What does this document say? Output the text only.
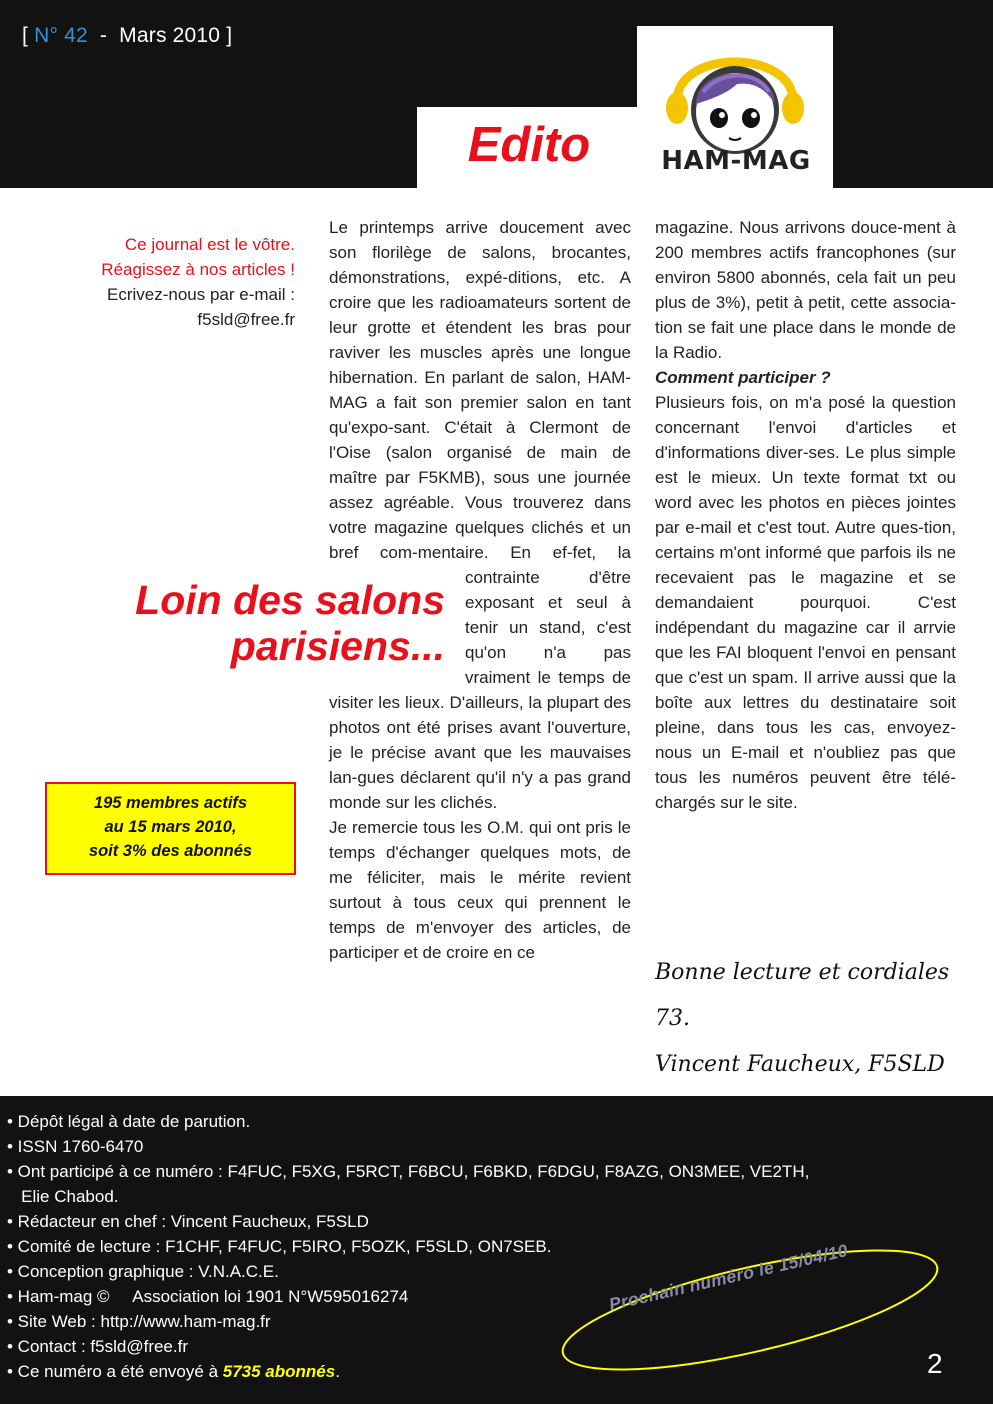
[ N° 42  -  Mars 2010 ]
Edito	HAM-MAG
Ce journal est le vôtre.
Réagissez à nos articles !
Ecrivez-nous par e-mail :
f5sld@free.fr
Loin des salons
parisiens...
195 membres actifs
au 15 mars 2010,
soit 3% des abonnés

Le printemps arrive doucement avec son florilège de salons, brocantes, démonstrations, expé-ditions, etc. A croire que les radioamateurs sortent de leur grotte et étendent les bras pour raviver les muscles après une longue hibernation. En parlant de salon, HAM-MAG a fait son premier salon en tant qu'expo-sant. C'était à Clermont de l'Oise (salon organisé de main de maître par F5KMB), sous une journée assez agréable. Vous trouverez dans votre magazine quelques clichés et un bref com-mentaire. En ef-fet, la contrainte d'être exposant et seul à tenir un stand, c'est qu'on n'a pas vraiment le temps de visiter les lieux. D'ailleurs, la plupart des photos ont été prises avant l'ouverture, je le précise avant que les mauvaises lan-gues déclarent qu'il n'y a pas grand monde sur les clichés.

Je remercie tous les O.M. qui ont pris le temps d'échanger quelques mots, de me féliciter, mais le mérite revient surtout à tous ceux qui prennent le temps de m'envoyer des articles, de participer et de croire en ce

magazine. Nous arrivons douce-ment à 200 membres actifs francophones (sur environ 5800 abonnés, cela fait un peu plus de 3%), petit à petit, cette associa-tion se fait une place dans le monde de la Radio.

Comment participer ?

Plusieurs fois, on m'a posé la question concernant l'envoi d'articles et d'informations diver-ses. Le plus simple est le mieux. Un texte format txt ou word avec les photos en pièces jointes par e-mail et c'est tout. Autre ques-tion, certains m'ont informé que parfois ils ne recevaient pas le magazine et se demandaient pourquoi. C'est indépendant du magazine car il arrvie que les FAI bloquent l'envoi en pensant que c'est un spam. Il arrive aussi que la boîte aux lettres du destinataire soit pleine, dans tous les cas, envoyez-nous un E-mail et n'oubliez pas que tous les numéros peuvent être télé-chargés sur le site.

Bonne lecture et cordiales 73.
Vincent Faucheux, F5SLD
• Dépôt légal à date de parution.
• ISSN 1760-6470
• Ont participé à ce numéro : F4FUC, F5XG, F5RCT, F6BCU, F6BKD, F6DGU, F8AZG, ON3MEE, VE2TH,
Elie Chabod.
• Rédacteur en chef : Vincent Faucheux, F5SLD
• Comité de lecture : F1CHF, F4FUC, F5IRO, F5OZK, F5SLD, ON7SEB.
• Conception graphique : V.N.A.C.E.
• Ham-mag ©     Association loi 1901 N°W595016274
• Site Web : http://www.ham-mag.fr
• Contact : f5sld@free.fr
• Ce numéro a été envoyé à 5735 abonnés.
Prochain numéro le 15/04/10
2
